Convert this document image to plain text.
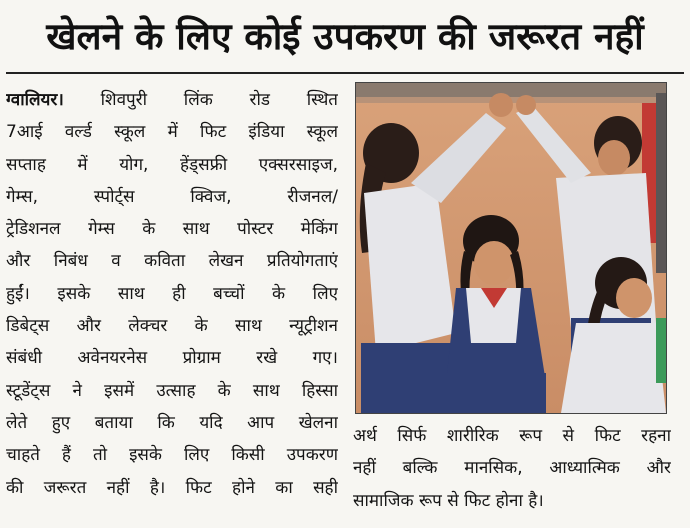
खेलने के लिए कोई उपकरण की जरूरत नहीं
ग्वालियर। शिवपुरी लिंक रोड स्थित
7आई वर्ल्ड स्कूल में फिट इंडिया स्कूल
सप्ताह में योग, हेंड्सफ्री एक्सरसाइज,
गेम्स, स्पोर्ट्स क्विज, रीजनल/
ट्रेडिशनल गेम्स के साथ पोस्टर मेकिंग
और निबंध व कविता लेखन प्रतियोगताएं
हुईं। इसके साथ ही बच्चों के लिए
डिबेट्स और लेक्चर के साथ न्यूट्रीशन
संबंधी अवेनयरनेस प्रोग्राम रखे गए।
स्टूडेंट्स ने इसमें उत्साह के साथ हिस्सा
लेते हुए बताया कि यदि आप खेलना
चाहते हैं तो इसके लिए किसी उपकरण
की जरूरत नहीं है। फिट होने का सही
अर्थ सिर्फ शारीरिक रूप से फिट रहना
नहीं बल्कि मानसिक, आध्यात्मिक और
सामाजिक रूप से फिट होना है।
